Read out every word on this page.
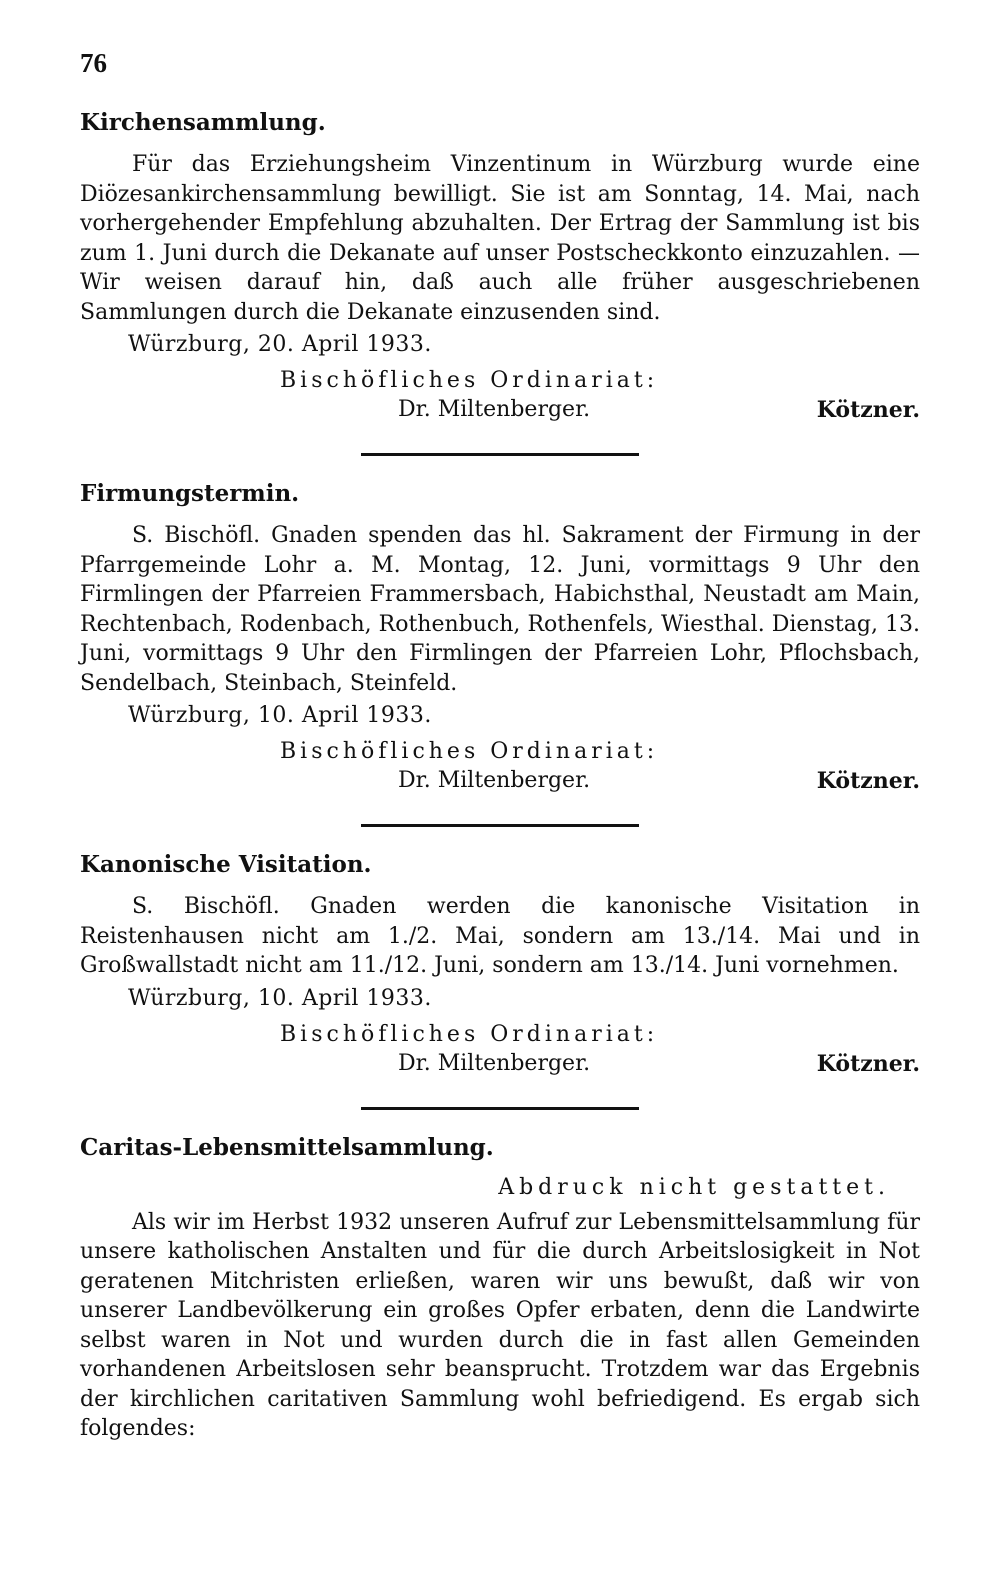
76
Kirchensammlung.

Für das Erziehungsheim Vinzentinum in Würzburg wurde eine Diözesankirchensammlung bewilligt. Sie ist am Sonntag, 14. Mai, nach vorhergehender Empfehlung abzuhalten. Der Ertrag der Sammlung ist bis zum 1. Juni durch die Dekanate auf unser Postscheckkonto einzuzahlen. — Wir weisen darauf hin, daß auch alle früher ausgeschriebenen Sammlungen durch die Dekanate einzusenden sind.

Würzburg, 20. April 1933.
Bischöfliches Ordinariat:
Dr. Miltenberger.	Kötzner.
Firmungstermin.

S. Bischöfl. Gnaden spenden das hl. Sakrament der Firmung in der Pfarrgemeinde Lohr a. M. Montag, 12. Juni, vormittags 9 Uhr den Firmlingen der Pfarreien Frammersbach, Habichsthal, Neustadt am Main, Rechtenbach, Rodenbach, Rothenbuch, Rothenfels, Wiesthal. Dienstag, 13. Juni, vormittags 9 Uhr den Firmlingen der Pfarreien Lohr, Pflochsbach, Sendelbach, Steinbach, Steinfeld.

Würzburg, 10. April 1933.
Bischöfliches Ordinariat:
Dr. Miltenberger.	Kötzner.
Kanonische Visitation.

S. Bischöfl. Gnaden werden die kanonische Visitation in Reistenhausen nicht am 1./2. Mai, sondern am 13./14. Mai und in Großwallstadt nicht am 11./12. Juni, sondern am 13./14. Juni vornehmen.

Würzburg, 10. April 1933.
Bischöfliches Ordinariat:
Dr. Miltenberger.	Kötzner.
Caritas-Lebensmittelsammlung.
Abdruck nicht gestattet.

Als wir im Herbst 1932 unseren Aufruf zur Lebensmittelsammlung für unsere katholischen Anstalten und für die durch Arbeitslosigkeit in Not geratenen Mitchristen erließen, waren wir uns bewußt, daß wir von unserer Landbevölkerung ein großes Opfer erbaten, denn die Landwirte selbst waren in Not und wurden durch die in fast allen Gemeinden vorhandenen Arbeitslosen sehr beansprucht. Trotzdem war das Ergebnis der kirchlichen caritativen Sammlung wohl befriedigend. Es ergab sich folgendes:
